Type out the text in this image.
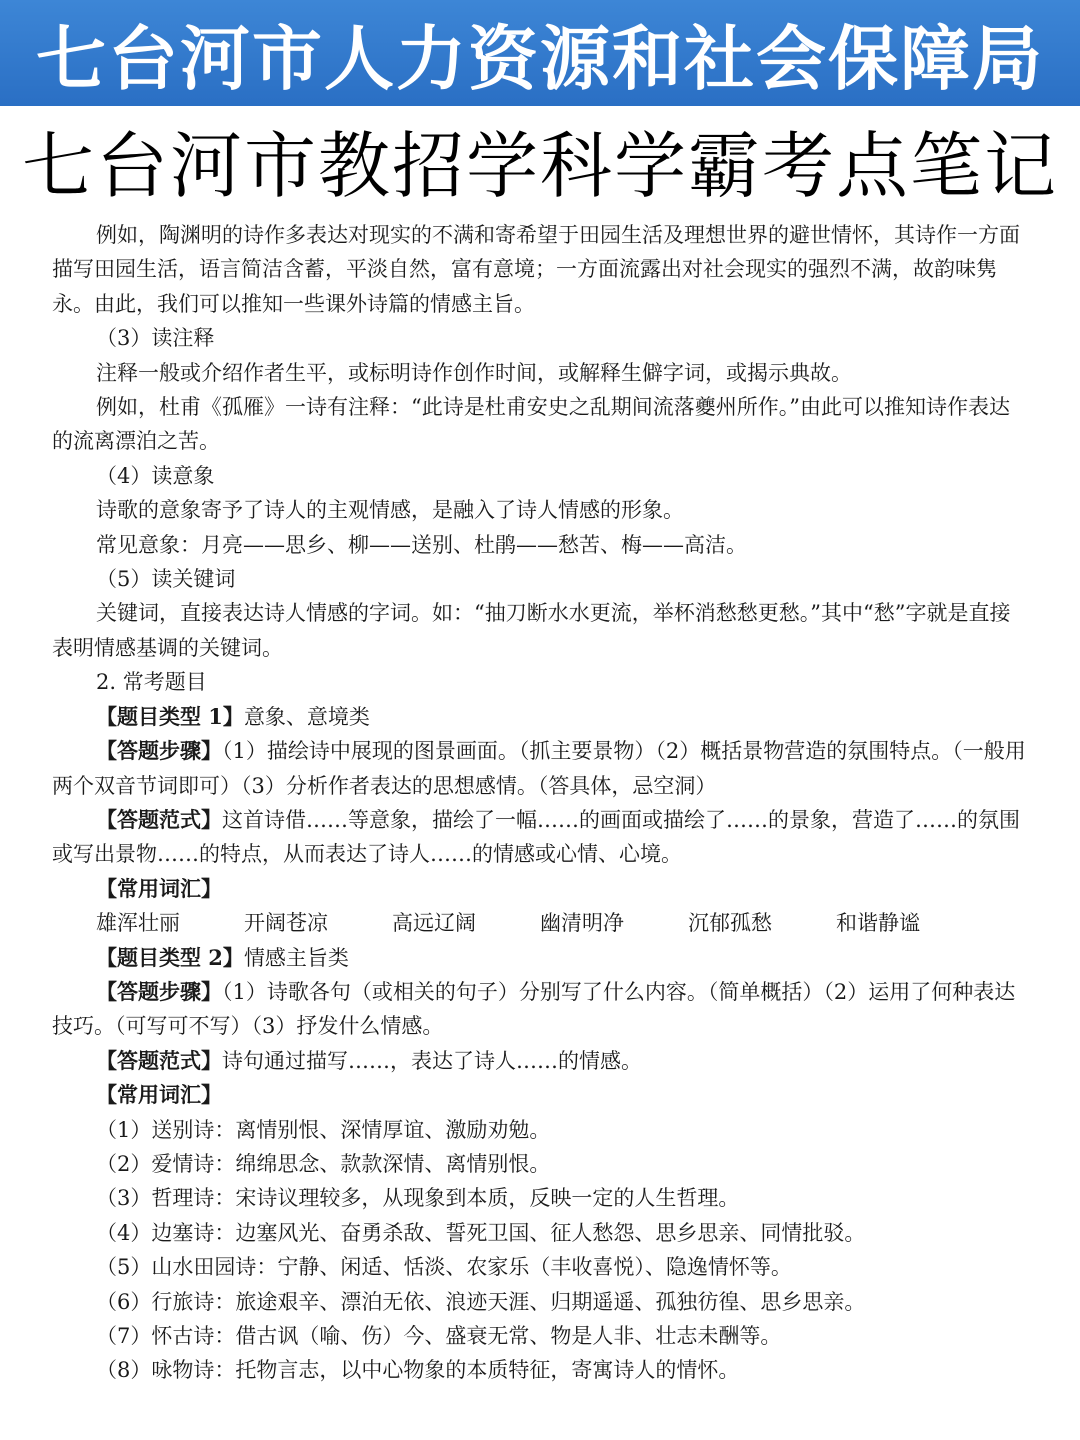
七台河市人力资源和社会保障局
七台河市教招学科学霸考点笔记

例如，陶渊明的诗作多表达对现实的不满和寄希望于田园生活及理想世界的避世情怀，其诗作一方面描写田园生活，语言简洁含蓄，平淡自然，富有意境；一方面流露出对社会现实的强烈不满，故韵味隽永。由此，我们可以推知一些课外诗篇的情感主旨。

（3）读注释

注释一般或介绍作者生平，或标明诗作创作时间，或解释生僻字词，或揭示典故。

例如，杜甫《孤雁》一诗有注释：“此诗是杜甫安史之乱期间流落夔州所作。”由此可以推知诗作表达的流离漂泊之苦。

（4）读意象

诗歌的意象寄予了诗人的主观情感，是融入了诗人情感的形象。

常见意象：月亮——思乡、柳——送别、杜鹃——愁苦、梅——高洁。

（5）读关键词

关键词，直接表达诗人情感的字词。如：“抽刀断水水更流，举杯消愁愁更愁。”其中“愁”字就是直接表明情感基调的关键词。

2. 常考题目

【题目类型 1】意象、意境类

【答题步骤】（1）描绘诗中展现的图景画面。（抓主要景物）（2）概括景物营造的氛围特点。（一般用两个双音节词即可）（3）分析作者表达的思想感情。（答具体，忌空洞）

【答题范式】这首诗借……等意象，描绘了一幅……的画面或描绘了……的景象，营造了……的氛围或写出景物……的特点，从而表达了诗人……的情感或心情、心境。

【常用词汇】

雄浑壮丽	开阔苍凉	高远辽阔	幽清明净	沉郁孤愁	和谐静谧

【题目类型 2】情感主旨类

【答题步骤】（1）诗歌各句（或相关的句子）分别写了什么内容。（简单概括）（2）运用了何种表达技巧。（可写可不写）（3）抒发什么情感。

【答题范式】诗句通过描写……，表达了诗人……的情感。

【常用词汇】

（1）送别诗：离情别恨、深情厚谊、激励劝勉。

（2）爱情诗：绵绵思念、款款深情、离情别恨。

（3）哲理诗：宋诗议理较多，从现象到本质，反映一定的人生哲理。

（4）边塞诗：边塞风光、奋勇杀敌、誓死卫国、征人愁怨、思乡思亲、同情批驳。

（5）山水田园诗：宁静、闲适、恬淡、农家乐（丰收喜悦）、隐逸情怀等。

（6）行旅诗：旅途艰辛、漂泊无依、浪迹天涯、归期遥遥、孤独彷徨、思乡思亲。

（7）怀古诗：借古讽（喻、伤）今、盛衰无常、物是人非、壮志未酬等。

（8）咏物诗：托物言志，以中心物象的本质特征，寄寓诗人的情怀。
